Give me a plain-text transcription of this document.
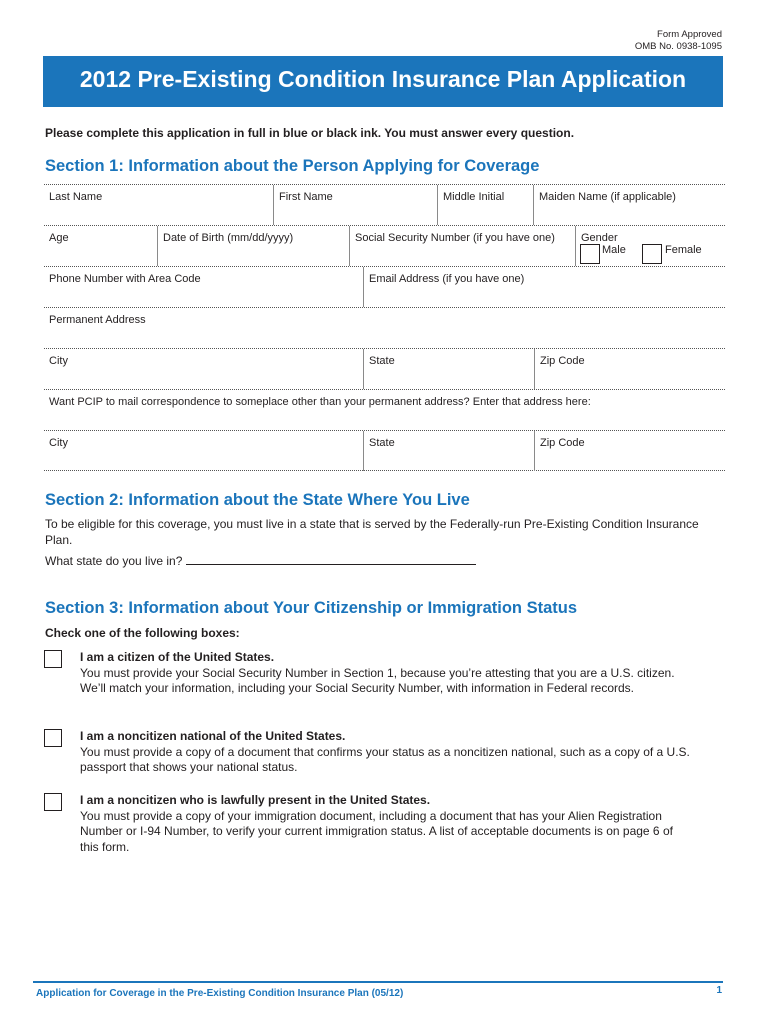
Form Approved
OMB No. 0938-1095
2012 Pre-Existing Condition Insurance Plan Application
Please complete this application in full in blue or black ink. You must answer every question.
Section 1: Information about the Person Applying for Coverage
Last Name	First Name	Middle Initial	Maiden Name (if applicable)
Age	Date of Birth (mm/dd/yyyy)	Social Security Number (if you have one)	Gender
Male	Female
Phone Number with Area Code	Email Address (if you have one)
Permanent Address
City	State	Zip Code
Want PCIP to mail correspondence to someplace other than your permanent address? Enter that address here:
City	State	Zip Code
Section 2: Information about the State Where You Live
To be eligible for this coverage, you must live in a state that is served by the Federally-run Pre-Existing Condition Insurance Plan.
What state do you live in?
Section 3: Information about Your Citizenship or Immigration Status
Check one of the following boxes:
I am a citizen of the United States.
You must provide your Social Security Number in Section 1, because you’re attesting that you are a U.S. citizen. We’ll match your information, including your Social Security Number, with information in Federal records.
I am a noncitizen national of the United States.
You must provide a copy of a document that confirms your status as a noncitizen national, such as a copy of a U.S. passport that shows your national status.
I am a noncitizen who is lawfully present in the United States.
You must provide a copy of your immigration document, including a document that has your Alien Registration Number or I-94 Number, to verify your current immigration status. A list of acceptable documents is on page 6 of this form.
Application for Coverage in the Pre-Existing Condition Insurance Plan (05/12)	1
